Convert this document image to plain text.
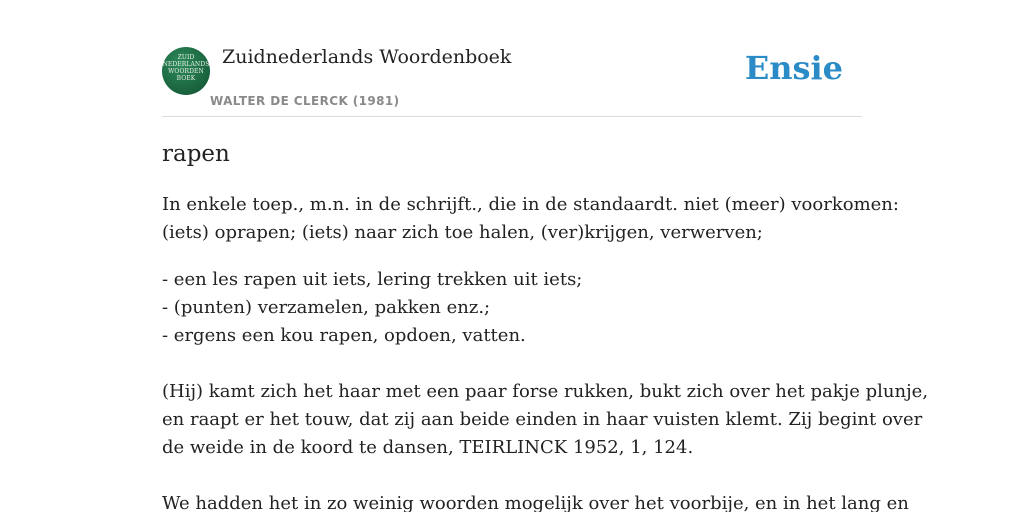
ZUID
NEDERLANDS
WOORDEN
BOEK
Zuidnederlands Woordenboek
WALTER DE CLERCK (1981)
Ensie
rapen

In enkele toep., m.n. in de schrijft., die in de standaardt. niet (meer) voorkomen:
(iets) oprapen; (iets) naar zich toe halen, (ver)krijgen, verwerven;

- een les rapen uit iets, lering trekken uit iets;
- (punten) verzamelen, pakken enz.;
- ergens een kou rapen, opdoen, vatten.

(Hij) kamt zich het haar met een paar forse rukken, bukt zich over het pakje plunje,
en raapt er het touw, dat zij aan beide einden in haar vuisten klemt. Zij begint over
de weide in de koord te dansen, TEIRLINCK 1952, 1, 124.

We hadden het in zo weinig woorden mogelijk over het voorbije, en in het lang en
